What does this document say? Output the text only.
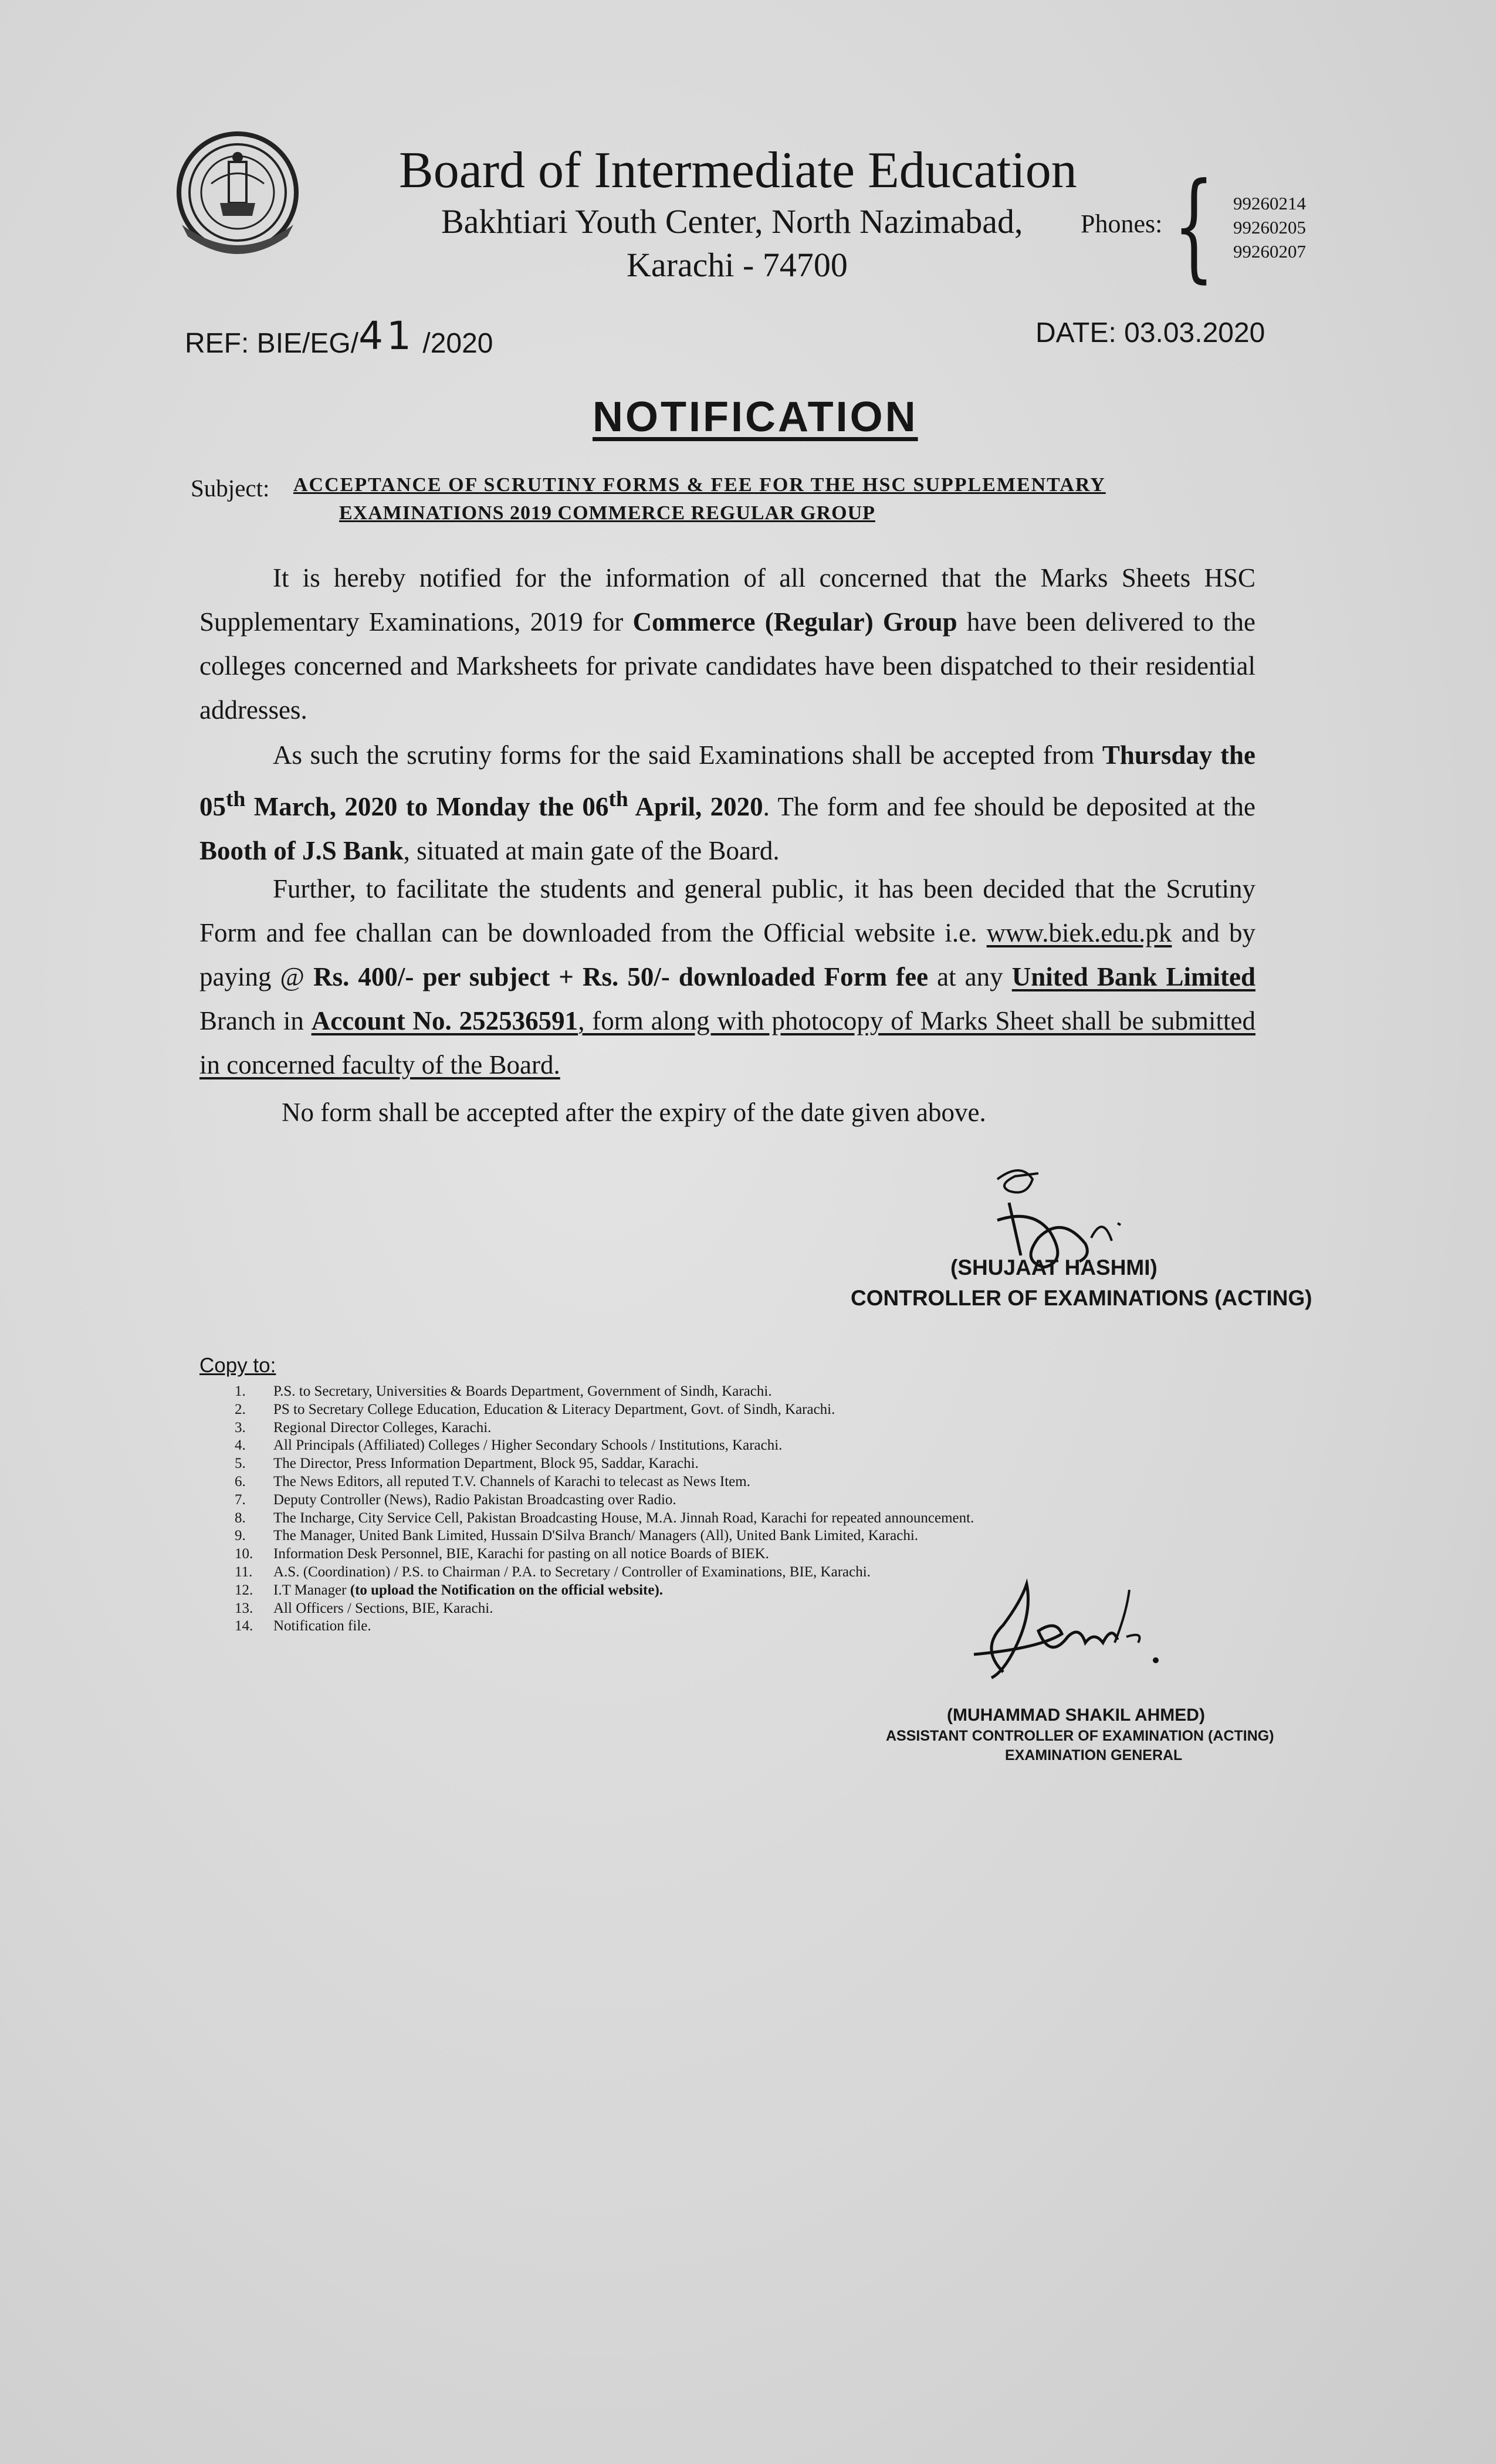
Board of Intermediate Education
Bakhtiari Youth Center, North Nazimabad,
Karachi - 74700
Phones: { 99260214
99260205
99260207
REF: BIE/EG/41 /2020	DATE: 03.03.2020
NOTIFICATION
Subject: ACCEPTANCE OF SCRUTINY FORMS & FEE FOR THE HSC SUPPLEMENTARY
EXAMINATIONS 2019 COMMERCE REGULAR GROUP
It is hereby notified for the information of all concerned that the Marks Sheets HSC Supplementary Examinations, 2019 for Commerce (Regular) Group have been delivered to the colleges concerned and Marksheets for private candidates have been dispatched to their residential addresses.
As such the scrutiny forms for the said Examinations shall be accepted from Thursday the 05th March, 2020 to Monday the 06th April, 2020. The form and fee should be deposited at the Booth of J.S Bank, situated at main gate of the Board.
Further, to facilitate the students and general public, it has been decided that the Scrutiny Form and fee challan can be downloaded from the Official website i.e. www.biek.edu.pk and by paying @ Rs. 400/- per subject + Rs. 50/- downloaded Form fee at any United Bank Limited Branch in Account No. 252536591, form along with photocopy of Marks Sheet shall be submitted in concerned faculty of the Board.
No form shall be accepted after the expiry of the date given above.
(SHUJAAT HASHMI)
CONTROLLER OF EXAMINATIONS (ACTING)
Copy to:
1. P.S. to Secretary, Universities & Boards Department, Government of Sindh, Karachi.
2. PS to Secretary College Education, Education & Literacy Department, Govt. of Sindh, Karachi.
3. Regional Director Colleges, Karachi.
4. All Principals (Affiliated) Colleges / Higher Secondary Schools / Institutions, Karachi.
5. The Director, Press Information Department, Block 95, Saddar, Karachi.
6. The News Editors, all reputed T.V. Channels of Karachi to telecast as News Item.
7. Deputy Controller (News), Radio Pakistan Broadcasting over Radio.
8. The Incharge, City Service Cell, Pakistan Broadcasting House, M.A. Jinnah Road, Karachi for repeated announcement.
9. The Manager, United Bank Limited, Hussain D'Silva Branch/ Managers (All), United Bank Limited, Karachi.
10. Information Desk Personnel, BIE, Karachi for pasting on all notice Boards of BIEK.
11. A.S. (Coordination) / P.S. to Chairman / P.A. to Secretary / Controller of Examinations, BIE, Karachi.
12. I.T Manager (to upload the Notification on the official website).
13. All Officers / Sections, BIE, Karachi.
14. Notification file.
(MUHAMMAD SHAKIL AHMED)
ASSISTANT CONTROLLER OF EXAMINATION (ACTING)
EXAMINATION GENERAL
